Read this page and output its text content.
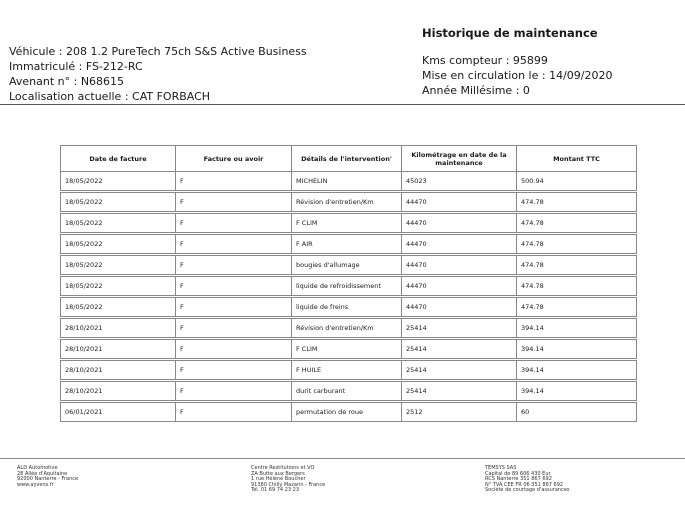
Véhicule : 208 1.2 PureTech 75ch S&S Active Business
Immatriculé : FS-212-RC
Avenant n° : N68615
Localisation actuelle : CAT FORBACH
Historique de maintenance
Kms compteur : 95899
Mise en circulation le : 14/09/2020
Année Millésime : 0
Date de facture	Facture ou avoir	Détails de l'intervention'	Kilométrage en date de la maintenance	Montant TTC
18/05/2022	F	MICHELIN	45023	500.94

18/05/2022	F	Révision d'entretien/Km	44470	474.78

18/05/2022	F	F CLIM	44470	474.78

18/05/2022	F	F AIR	44470	474.78

18/05/2022	F	bougies d'allumage	44470	474.78

18/05/2022	F	liquide de refroidissement	44470	474.78

18/05/2022	F	liquide de freins	44470	474.78

28/10/2021	F	Révision d'entretien/Km	25414	394.14

28/10/2021	F	F CLIM	25414	394.14

28/10/2021	F	F HUILE	25414	394.14

28/10/2021	F	durit carburant	25414	394.14

06/01/2021	F	permutation de roue	2512	60
ALD Automotive
28 Allée d'Aquitaine
92000 Nanterre - France
www.ayvens.fr
Centre Restitutions et VO
ZA Butte aux Bergers
1 rue Hélène Boucher
91380 Chilly Mazarin - France
Tél. 01 69 74 23 23
TEMSYS SAS
Capital de 89 606 430 Eur
RCS Nanterre 351 867 692
N° TVA CEE FR 06 351 867 692
Société de courtage d'assurances
